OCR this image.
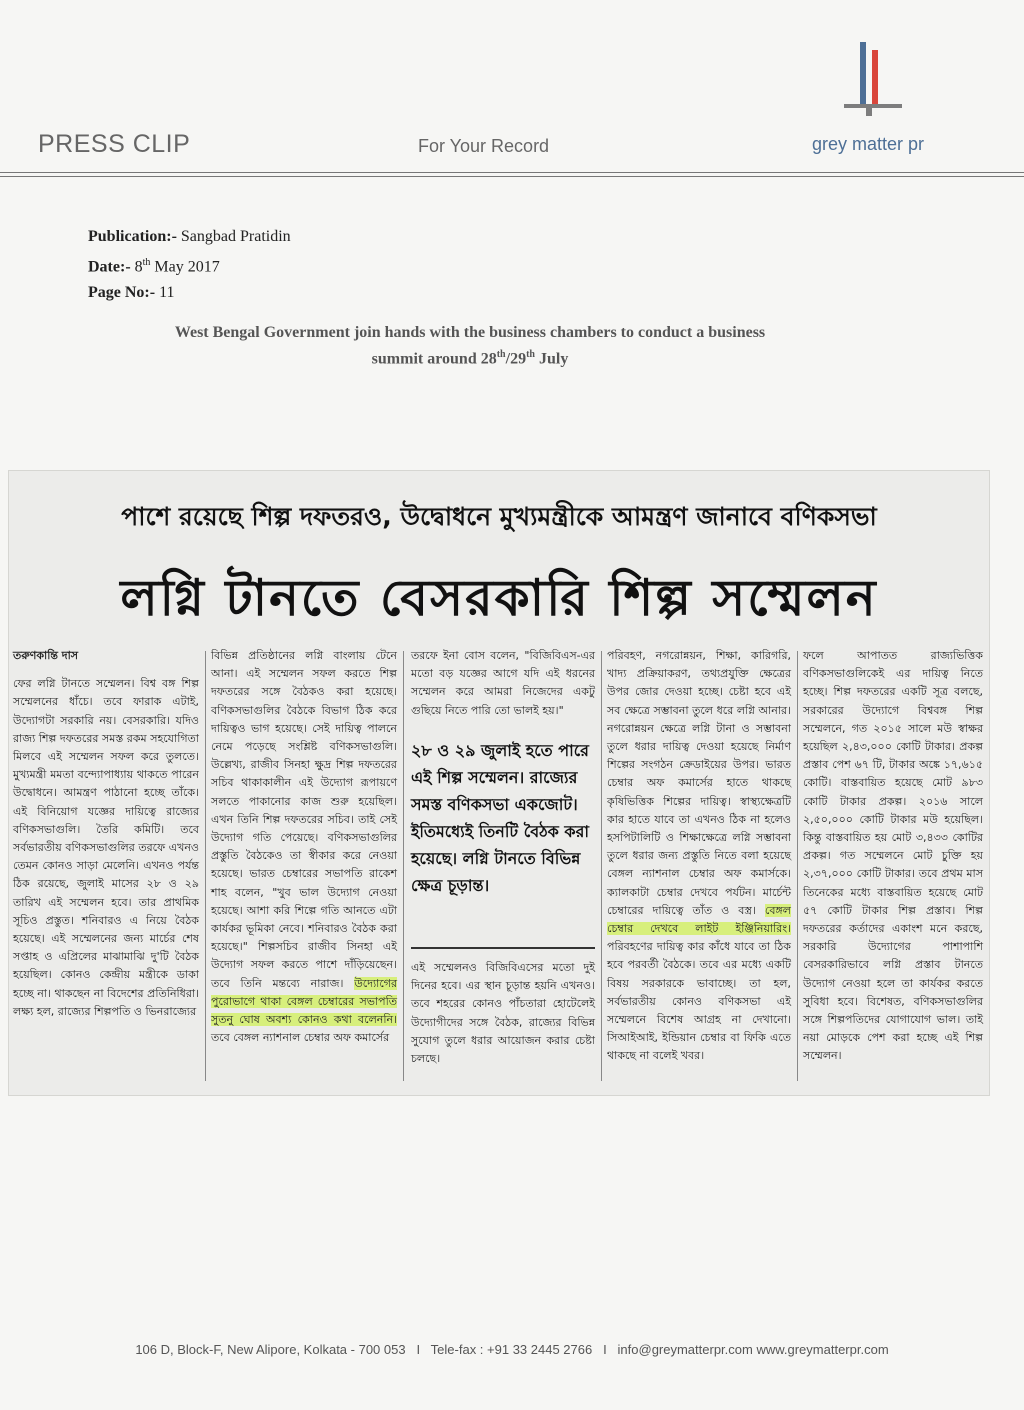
PRESS CLIP	For Your Record	grey matter pr
Publication:- Sangbad Pratidin
Date:- 8th May 2017
Page No:- 11
West Bengal Government join hands with the business chambers to conduct a business
summit around 28th/29th July
পাশে রয়েছে শিল্প দফতরও, উদ্বোধনে মুখ্যমন্ত্রীকে আমন্ত্রণ জানাবে বণিকসভা
লগ্নি টানতে বেসরকারি শিল্প সম্মেলন
তরুণকান্তি দাস
ফের লগ্নি টানতে সম্মেলন। বিশ্ব বঙ্গ শিল্প সম্মেলনের ধাঁচে। তবে ফারাক এটাই, উদ্যোগটা সরকারি নয়। বেসরকারি। যদিও রাজ্য শিল্প দফতরের সমস্ত রকম সহযোগিতা মিলবে এই সম্মেলন সফল করে তুলতে। মুখ্যমন্ত্রী মমতা বন্দ্যোপাধ্যায় থাকতে পারেন উদ্বোধনে। আমন্ত্রণ পাঠানো হচ্ছে তাঁকে। এই বিনিয়োগ যজ্ঞের দায়িত্বে রাজ্যের বণিকসভাগুলি। তৈরি কমিটি। তবে সর্বভারতীয় বণিকসভাগুলির তরফে এখনও তেমন কোনও সাড়া মেলেনি। এখনও পর্যন্ত ঠিক রয়েছে, জুলাই মাসের ২৮ ও ২৯ তারিখ এই সম্মেলন হবে। তার প্রাথমিক সূচিও প্রস্তুত। শনিবারও এ নিয়ে বৈঠক হয়েছে। এই সম্মেলনের জন্য মার্চের শেষ সপ্তাহ ও এপ্রিলের মাঝামাঝি দু'টি বৈঠক হয়েছিল। কোনও কেন্দ্রীয় মন্ত্রীকে ডাকা হচ্ছে না। থাকছেন না বিদেশের প্রতিনিধিরা। লক্ষ্য হল, রাজ্যের শিল্পপতি ও ভিনরাজ্যের
বিভিন্ন প্রতিষ্ঠানের লগ্নি বাংলায় টেনে আনা। এই সম্মেলন সফল করতে শিল্প দফতরের সঙ্গে বৈঠকও করা হয়েছে। বণিকসভাগুলির বৈঠকে বিভাগ ঠিক করে দায়িত্বও ভাগ হয়েছে। সেই দায়িত্ব পালনে নেমে পড়েছে সংশ্লিষ্ট বণিকসভাগুলি। উল্লেখ্য, রাজীব সিনহা ক্ষুদ্র শিল্প দফতরের সচিব থাকাকালীন এই উদ্যোগ রূপায়ণে সলতে পাকানোর কাজ শুরু হয়েছিল। এখন তিনি শিল্প দফতরের সচিব। তাই সেই উদ্যোগ গতি পেয়েছে। বণিকসভাগুলির প্রস্তুতি বৈঠকেও তা স্বীকার করে নেওয়া হয়েছে। ভারত চেম্বারের সভাপতি রাকেশ শাহ বলেন, "খুব ভাল উদ্যোগ নেওয়া হয়েছে। আশা করি শিল্পে গতি আনতে এটা কার্যকর ভূমিকা নেবে। শনিবারও বৈঠক করা হয়েছে।" শিল্পসচিব রাজীব সিনহা এই উদ্যোগ সফল করতে পাশে দাঁড়িয়েছেন। তবে তিনি মন্তব্যে নারাজ। উদ্যোগের পুরোভাগে থাকা বেঙ্গল চেম্বারের সভাপতি সুতনু ঘোষ অবশ্য কোনও কথা বলেননি। তবে বেঙ্গল ন্যাশনাল চেম্বার অফ কমার্সের
তরফে ইনা বোস বলেন, "বিজিবিএস-এর মতো বড় যজ্ঞের আগে যদি এই ধরনের সম্মেলন করে আমরা নিজেদের একটু গুছিয়ে নিতে পারি তো ভালই হয়।"
২৮ ও ২৯ জুলাই হতে পারে এই শিল্প সম্মেলন। রাজ্যের সমস্ত বণিকসভা একজোট। ইতিমধ্যেই তিনটি বৈঠক করা হয়েছে। লগ্নি টানতে বিভিন্ন ক্ষেত্র চূড়ান্ত।
এই সম্মেলনও বিজিবিএসের মতো দুই দিনের হবে। এর স্থান চূড়ান্ত হয়নি এখনও। তবে শহরের কোনও পাঁচতারা হোটেলেই উদ্যোগীদের সঙ্গে বৈঠক, রাজ্যের বিভিন্ন সুযোগ তুলে ধরার আয়োজন করার চেষ্টা চলছে।
পরিবহণ, নগরোন্নয়ন, শিক্ষা, কারিগরি, খাদ্য প্রক্রিয়াকরণ, তথ্যপ্রযুক্তি ক্ষেত্রের উপর জোর দেওয়া হচ্ছে। চেষ্টা হবে এই সব ক্ষেত্রে সম্ভাবনা তুলে ধরে লগ্নি আনার। নগরোন্নয়ন ক্ষেত্রে লগ্নি টানা ও সম্ভাবনা তুলে ধরার দায়িত্ব দেওয়া হয়েছে নির্মাণ শিল্পের সংগঠন ক্রেডাইয়ের উপর। ভারত চেম্বার অফ কমার্সের হাতে থাকছে কৃষিভিত্তিক শিল্পের দায়িত্ব। স্বাস্থ্যক্ষেত্রটি কার হাতে যাবে তা এখনও ঠিক না হলেও হসপিটালিটি ও শিক্ষাক্ষেত্রে লগ্নি সম্ভাবনা তুলে ধরার জন্য প্রস্তুতি নিতে বলা হয়েছে বেঙ্গল ন্যাশনাল চেম্বার অফ কমার্সকে। ক্যালকাটা চেম্বার দেখবে পর্যটন। মার্চেন্ট চেম্বারের দায়িত্বে তাঁত ও বস্ত্র। বেঙ্গল চেম্বার দেখবে লাইট ইঞ্জিনিয়ারিং। পরিবহণের দায়িত্ব কার কাঁধে যাবে তা ঠিক হবে পরবর্তী বৈঠকে। তবে এর মধ্যে একটি বিষয় সরকারকে ভাবাচ্ছে। তা হল, সর্বভারতীয় কোনও বণিকসভা এই সম্মেলনে বিশেষ আগ্রহ না দেখানো। সিআইআই, ইন্ডিয়ান চেম্বার বা ফিকি এতে থাকছে না বলেই খবর।
ফলে আপাতত রাজ্যভিত্তিক বণিকসভাগুলিকেই এর দায়িত্ব নিতে হচ্ছে। শিল্প দফতরের একটি সূত্র বলছে, সরকারের উদ্যোগে বিশ্ববঙ্গ শিল্প সম্মেলনে, গত ২০১৫ সালে মউ স্বাক্ষর হয়েছিল ২,৪৩,০০০ কোটি টাকার। প্রকল্প প্রস্তাব পেশ ৬৭ টি, টাকার অঙ্কে ১৭,৬১৫ কোটি। বাস্তবায়িত হয়েছে মোট ৯৮৩ কোটি টাকার প্রকল্প। ২০১৬ সালে ২,৫০,০০০ কোটি টাকার মউ হয়েছিল। কিন্তু বাস্তবায়িত হয় মোট ৩,৪৩৩ কোটির প্রকল্প। গত সম্মেলনে মোট চুক্তি হয় ২,৩৭,০০০ কোটি টাকার। তবে প্রথম মাস তিনেকের মধ্যে বাস্তবায়িত হয়েছে মোট ৫৭ কোটি টাকার শিল্প প্রস্তাব। শিল্প দফতরের কর্তাদের একাংশ মনে করছে, সরকারি উদ্যোগের পাশাপাশি বেসরকারিভাবে লগ্নি প্রস্তাব টানতে উদ্যোগ নেওয়া হলে তা কার্যকর করতে সুবিধা হবে। বিশেষত, বণিকসভাগুলির সঙ্গে শিল্পপতিদের যোগাযোগ ভাল। তাই নয়া মোড়কে পেশ করা হচ্ছে এই শিল্প সম্মেলন।
106 D, Block-F, New Alipore, Kolkata - 700 053 I Tele-fax : +91 33 2445 2766 I info@greymatterpr.com www.greymatterpr.com
